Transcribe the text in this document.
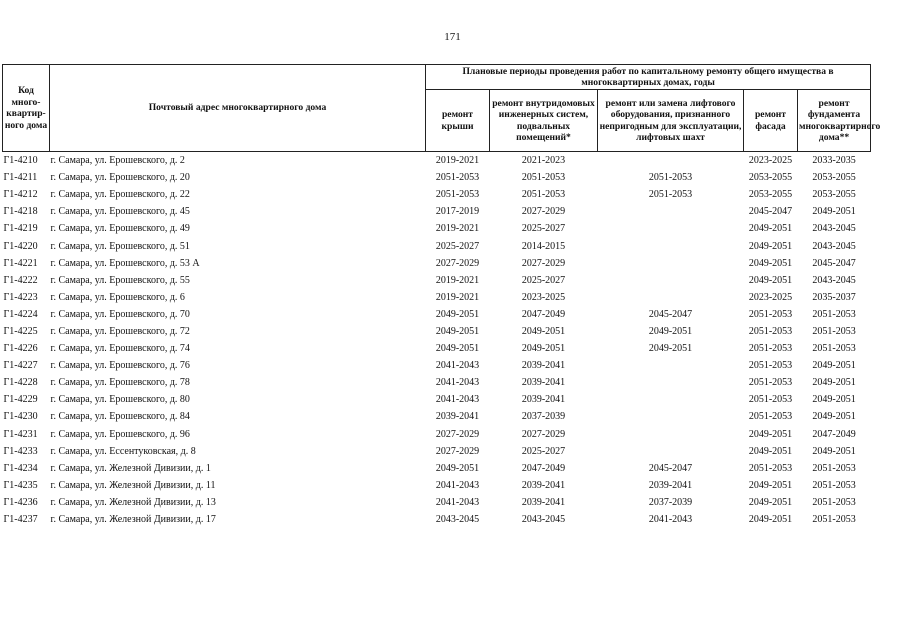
171
Код много-квартир-ного дома	Почтовый адрес многоквартирного дома	Плановые периоды проведения работ по капитальному ремонту общего имущества в многоквартирных домах, годы				
		ремонт крыши	ремонт внутридомовых инженерных систем, подвальных помещений*	ремонт или замена лифтового оборудования, признанного непригодным для эксплуатации, лифтовых шахт	ремонт фасада	ремонт фундамента многоквартирного дома**
Г1-4210	г. Самара, ул. Ерошевского, д. 2	2019-2021	2021-2023		2023-2025	2033-2035
Г1-4211	г. Самара, ул. Ерошевского, д. 20	2051-2053	2051-2053	2051-2053	2053-2055	2053-2055
Г1-4212	г. Самара, ул. Ерошевского, д. 22	2051-2053	2051-2053	2051-2053	2053-2055	2053-2055
Г1-4218	г. Самара, ул. Ерошевского, д. 45	2017-2019	2027-2029		2045-2047	2049-2051
Г1-4219	г. Самара, ул. Ерошевского, д. 49	2019-2021	2025-2027		2049-2051	2043-2045
Г1-4220	г. Самара, ул. Ерошевского, д. 51	2025-2027	2014-2015		2049-2051	2043-2045
Г1-4221	г. Самара, ул. Ерошевского, д. 53 А	2027-2029	2027-2029		2049-2051	2045-2047
Г1-4222	г. Самара, ул. Ерошевского, д. 55	2019-2021	2025-2027		2049-2051	2043-2045
Г1-4223	г. Самара, ул. Ерошевского, д. 6	2019-2021	2023-2025		2023-2025	2035-2037
Г1-4224	г. Самара, ул. Ерошевского, д. 70	2049-2051	2047-2049	2045-2047	2051-2053	2051-2053
Г1-4225	г. Самара, ул. Ерошевского, д. 72	2049-2051	2049-2051	2049-2051	2051-2053	2051-2053
Г1-4226	г. Самара, ул. Ерошевского, д. 74	2049-2051	2049-2051	2049-2051	2051-2053	2051-2053
Г1-4227	г. Самара, ул. Ерошевского, д. 76	2041-2043	2039-2041		2051-2053	2049-2051
Г1-4228	г. Самара, ул. Ерошевского, д. 78	2041-2043	2039-2041		2051-2053	2049-2051
Г1-4229	г. Самара, ул. Ерошевского, д. 80	2041-2043	2039-2041		2051-2053	2049-2051
Г1-4230	г. Самара, ул. Ерошевского, д. 84	2039-2041	2037-2039		2051-2053	2049-2051
Г1-4231	г. Самара, ул. Ерошевского, д. 96	2027-2029	2027-2029		2049-2051	2047-2049
Г1-4233	г. Самара, ул. Ессентуковская, д. 8	2027-2029	2025-2027		2049-2051	2049-2051
Г1-4234	г. Самара, ул. Железной Дивизии, д. 1	2049-2051	2047-2049	2045-2047	2051-2053	2051-2053
Г1-4235	г. Самара, ул. Железной Дивизии, д. 11	2041-2043	2039-2041	2039-2041	2049-2051	2051-2053
Г1-4236	г. Самара, ул. Железной Дивизии, д. 13	2041-2043	2039-2041	2037-2039	2049-2051	2051-2053
Г1-4237	г. Самара, ул. Железной Дивизии, д. 17	2043-2045	2043-2045	2041-2043	2049-2051	2051-2053
